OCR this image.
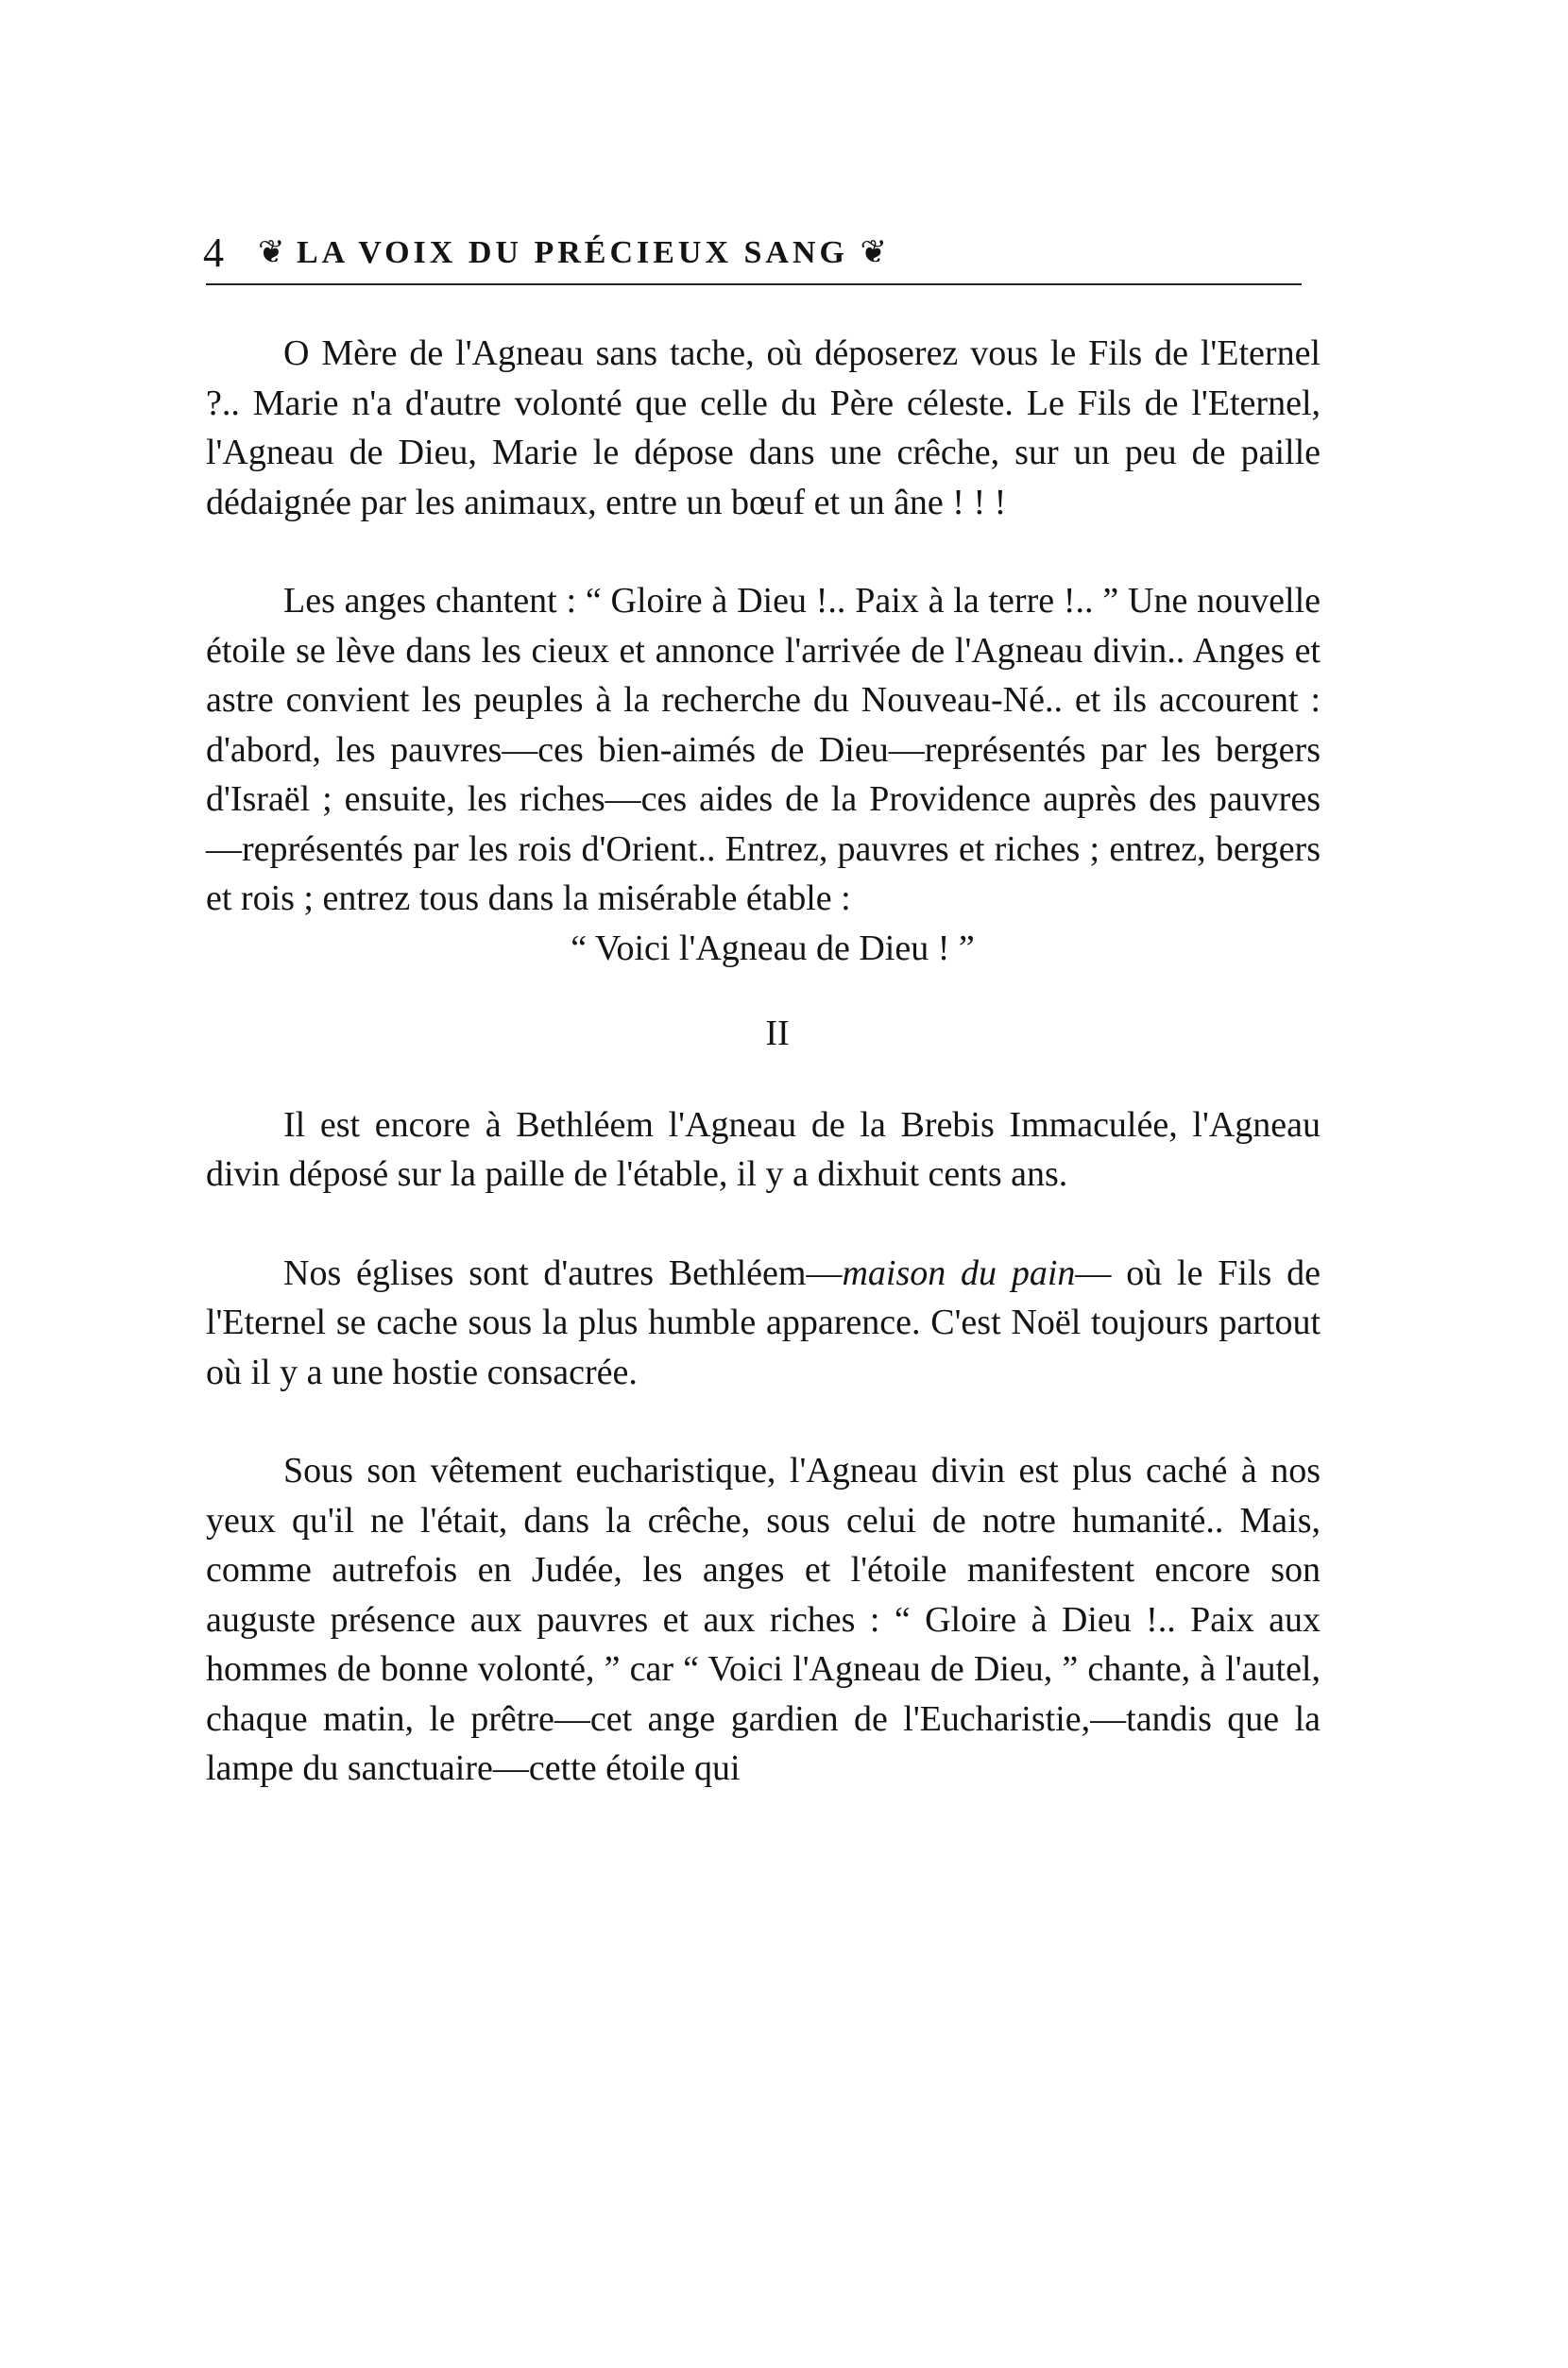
4 ❦ LA VOIX DU PRÉCIEUX SANG ❦

O Mère de l'Agneau sans tache, où déposerez vous le Fils de l'Eternel ?.. Marie n'a d'autre volonté que celle du Père céleste. Le Fils de l'Eternel, l'Agneau de Dieu, Marie le dépose dans une crêche, sur un peu de paille dédaignée par les animaux, entre un bœuf et un âne ! ! !

Les anges chantent : “ Gloire à Dieu !.. Paix à la terre !.. ” Une nouvelle étoile se lève dans les cieux et annonce l'arrivée de l'Agneau divin.. Anges et astre convient les peuples à la recherche du Nouveau-Né.. et ils accourent : d'abord, les pauvres—ces bien-aimés de Dieu—représentés par les bergers d'Israël ; ensuite, les riches—ces aides de la Providence auprès des pauvres—représentés par les rois d'Orient.. Entrez, pauvres et riches ; entrez, bergers et rois ; entrez tous dans la misérable étable :

“ Voici l'Agneau de Dieu ! ”

II

Il est encore à Bethléem l'Agneau de la Brebis Immaculée, l'Agneau divin déposé sur la paille de l'étable, il y a dixhuit cents ans.

Nos églises sont d'autres Bethléem—maison du pain— où le Fils de l'Eternel se cache sous la plus humble apparence. C'est Noël toujours partout où il y a une hostie consacrée.

Sous son vêtement eucharistique, l'Agneau divin est plus caché à nos yeux qu'il ne l'était, dans la crêche, sous celui de notre humanité.. Mais, comme autrefois en Judée, les anges et l'étoile manifestent encore son auguste présence aux pauvres et aux riches : “ Gloire à Dieu !.. Paix aux hommes de bonne volonté, ” car “ Voici l'Agneau de Dieu, ” chante, à l'autel, chaque matin, le prêtre—cet ange gardien de l'Eucharistie,—tandis que la lampe du sanctuaire—cette étoile qui
